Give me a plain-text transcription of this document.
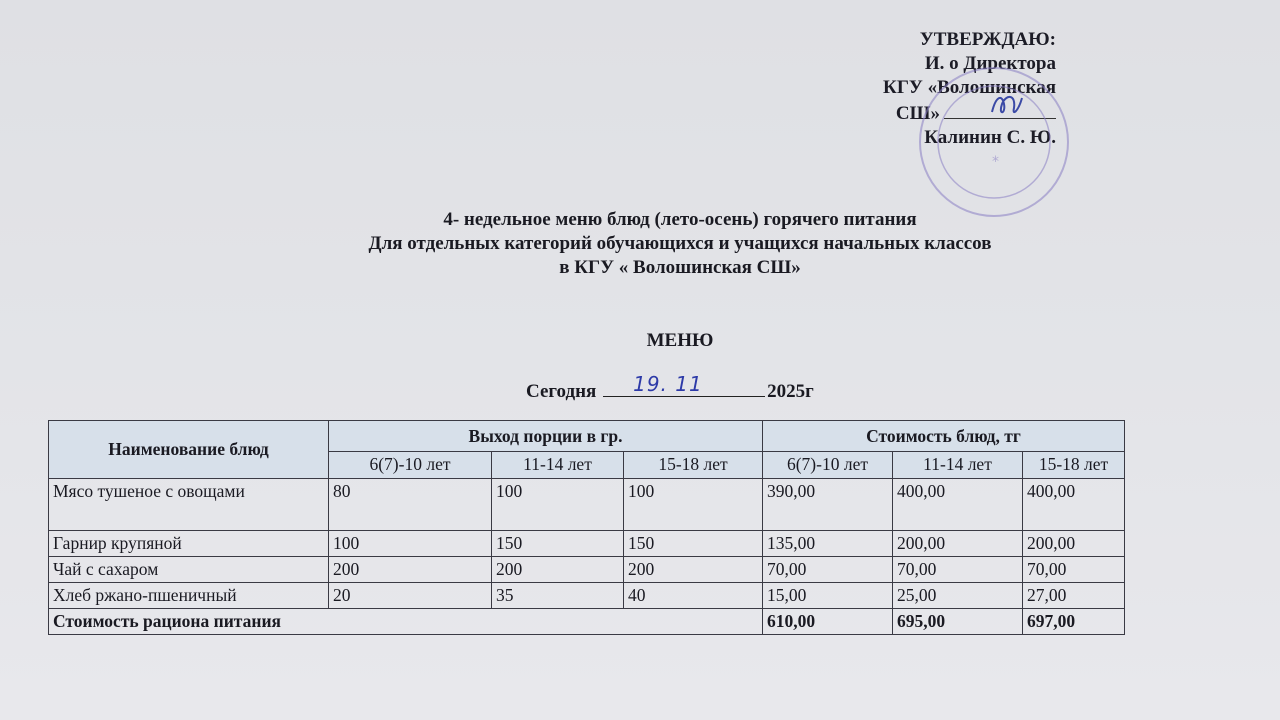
УТВЕРЖДАЮ:
И. о Директора
КГУ «Волошинская
СШ»
Калинин С. Ю.
*
4- недельное меню блюд (лето-осень) горячего питания
Для отдельных категорий обучающихся и учащихся начальных классов
в КГУ « Волошинская СШ»
МЕНЮ
Сегодня 19. 11	2025г
Наименование блюд	Выход порции в гр.			Стоимость блюд, тг		
	6(7)-10 лет	11-14 лет	15-18 лет	6(7)-10 лет	11-14 лет	15-18 лет
Мясо тушеное с овощами	80	100	100	390,00	400,00	400,00
Гарнир крупяной	100	150	150	135,00	200,00	200,00
Чай с сахаром	200	200	200	70,00	70,00	70,00
Хлеб ржано-пшеничный	20	35	40	15,00	25,00	27,00
Стоимость рациона питания				610,00	695,00	697,00
